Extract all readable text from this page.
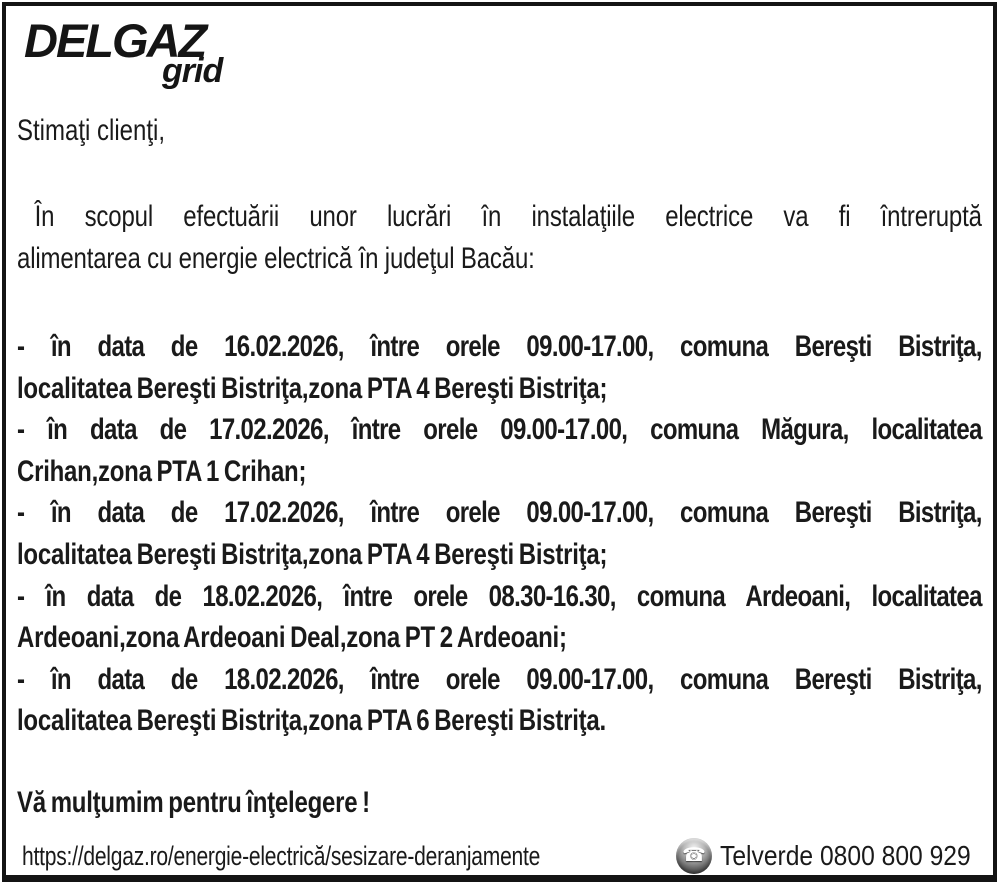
DELGAZ
grid
Stimaţi clienţi,
În scopul efectuării unor lucrări în instalaţiile electrice va fi întreruptă
alimentarea cu energie electrică în judeţul Bacău:
- în data de 16.02.2026, între orele 09.00-17.00, comuna Bereşti Bistriţa,
localitatea Bereşti Bistriţa,zona PTA 4 Bereşti Bistriţa;
- în data de 17.02.2026, între orele 09.00-17.00, comuna Măgura, localitatea
Crihan,zona PTA 1 Crihan;
- în data de 17.02.2026, între orele 09.00-17.00, comuna Bereşti Bistriţa,
localitatea Bereşti Bistriţa,zona PTA 4 Bereşti Bistriţa;
- în data de 18.02.2026, între orele 08.30-16.30, comuna Ardeoani, localitatea
Ardeoani,zona Ardeoani Deal,zona PT 2 Ardeoani;
- în data de 18.02.2026, între orele 09.00-17.00, comuna Bereşti Bistriţa,
localitatea Bereşti Bistriţa,zona PTA 6 Bereşti Bistriţa.
Vă mulţumim pentru înţelegere !
https://delgaz.ro/energie-electrică/sesizare-deranjamente	☎ Telverde 0800 800 929
